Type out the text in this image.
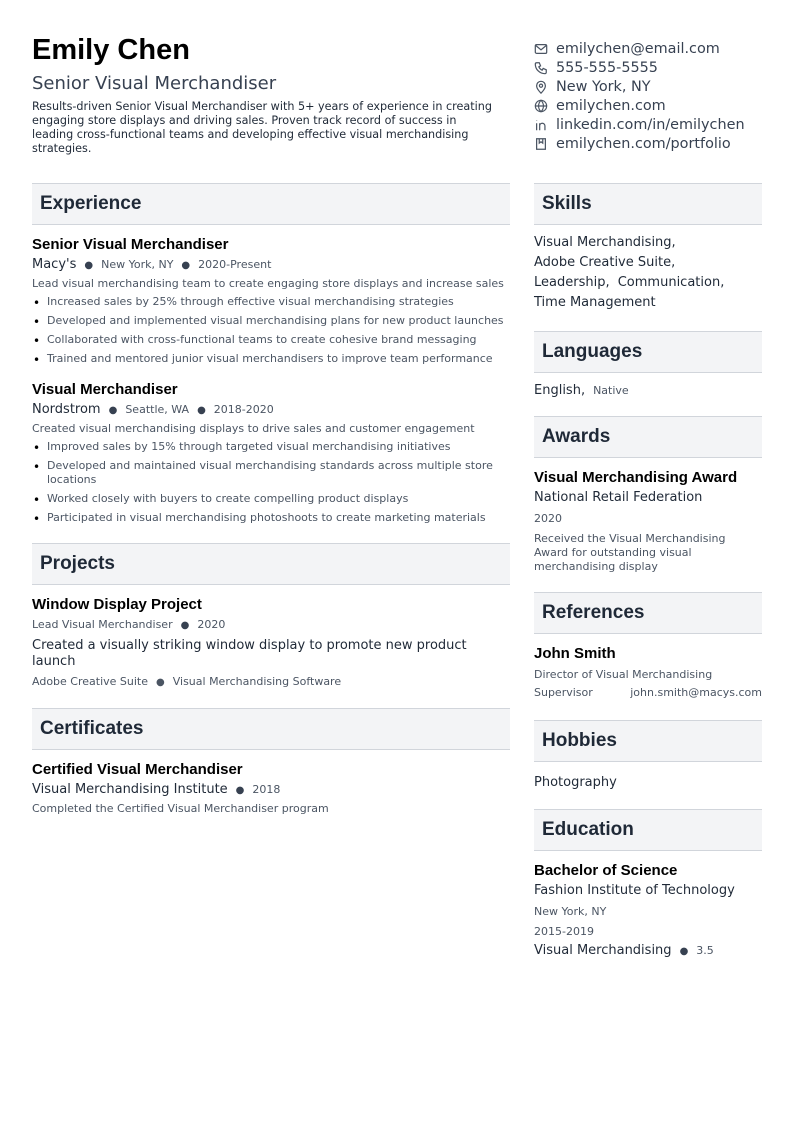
Emily Chen
Senior Visual Merchandiser
Results-driven Senior Visual Merchandiser with 5+ years of experience in creating engaging store displays and driving sales. Proven track record of success in leading cross-functional teams and developing effective visual merchandising strategies.
emilychen@email.com
555-555-5555
New York, NY
emilychen.com
linkedin.com/in/emilychen
emilychen.com/portfolio
Experience
Senior Visual Merchandiser
Macy's ● New York, NY ● 2020-Present
Lead visual merchandising team to create engaging store displays and increase sales
• Increased sales by 25% through effective visual merchandising strategies
• Developed and implemented visual merchandising plans for new product launches
• Collaborated with cross-functional teams to create cohesive brand messaging
• Trained and mentored junior visual merchandisers to improve team performance
Visual Merchandiser
Nordstrom ● Seattle, WA ● 2018-2020
Created visual merchandising displays to drive sales and customer engagement
• Improved sales by 15% through targeted visual merchandising initiatives
• Developed and maintained visual merchandising standards across multiple store locations
• Worked closely with buyers to create compelling product displays
• Participated in visual merchandising photoshoots to create marketing materials
Projects
Window Display Project
Lead Visual Merchandiser ● 2020
Created a visually striking window display to promote new product launch
Adobe Creative Suite ● Visual Merchandising Software
Certificates
Certified Visual Merchandiser
Visual Merchandising Institute ● 2018
Completed the Certified Visual Merchandiser program
Skills
Visual Merchandising,
Adobe Creative Suite,
Leadership, Communication,
Time Management
Languages
English, Native
Awards
Visual Merchandising Award
National Retail Federation
2020
Received the Visual Merchandising Award for outstanding visual merchandising display
References
John Smith
Director of Visual Merchandising
Supervisor	john.smith@macys.com
Hobbies
Photography
Education
Bachelor of Science
Fashion Institute of Technology
New York, NY
2015-2019
Visual Merchandising ● 3.5
